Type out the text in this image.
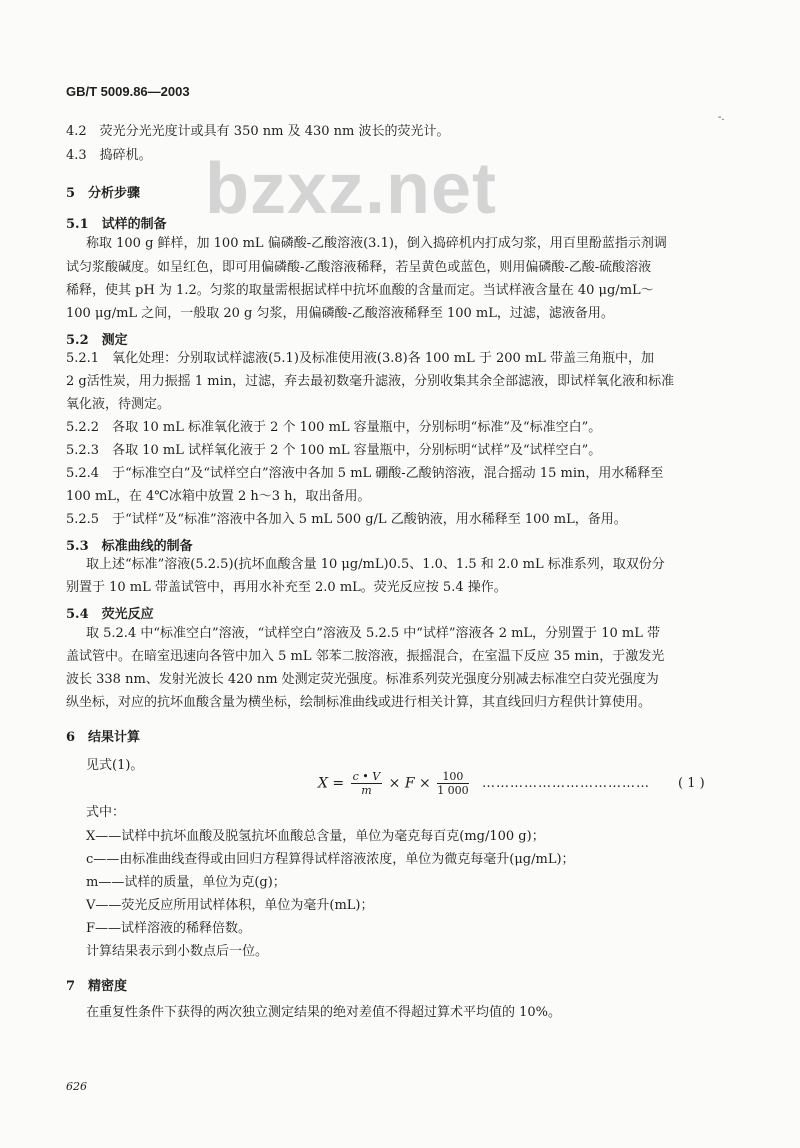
GB/T 5009.86—2003
-.
bzxz.net
4.2　荧光分光光度计或具有 350 nm 及 430 nm 波长的荧光计。
4.3　捣碎机。
5　分析步骤
5.1　试样的制备
称取 100 g 鲜样，加 100 mL 偏磷酸-乙酸溶液(3.1)，倒入捣碎机内打成匀浆，用百里酚蓝指示剂调
试匀浆酸碱度。如呈红色，即可用偏磷酸-乙酸溶液稀释，若呈黄色或蓝色，则用偏磷酸-乙酸-硫酸溶液
稀释，使其 pH 为 1.2。匀浆的取量需根据试样中抗坏血酸的含量而定。当试样液含量在 40 μg/mL～
100 μg/mL 之间，一般取 20 g 匀浆，用偏磷酸-乙酸溶液稀释至 100 mL，过滤，滤液备用。
5.2　测定
5.2.1　氧化处理：分别取试样滤液(5.1)及标准使用液(3.8)各 100 mL 于 200 mL 带盖三角瓶中，加
2 g活性炭，用力振摇 1 min，过滤，弃去最初数毫升滤液，分别收集其余全部滤液，即试样氧化液和标准
氧化液，待测定。
5.2.2　各取 10 mL 标准氧化液于 2 个 100 mL 容量瓶中，分别标明“标准”及“标准空白”。
5.2.3　各取 10 mL 试样氧化液于 2 个 100 mL 容量瓶中，分别标明“试样”及“试样空白”。
5.2.4　于“标准空白”及“试样空白”溶液中各加 5 mL 硼酸-乙酸钠溶液，混合摇动 15 min，用水稀释至
100 mL，在 4℃冰箱中放置 2 h～3 h，取出备用。
5.2.5　于“试样”及“标准”溶液中各加入 5 mL 500 g/L 乙酸钠液，用水稀释至 100 mL，备用。
5.3　标准曲线的制备
取上述“标准”溶液(5.2.5)(抗坏血酸含量 10 μg/mL)0.5、1.0、1.5 和 2.0 mL 标准系列，取双份分
别置于 10 mL 带盖试管中，再用水补充至 2.0 mL。荧光反应按 5.4 操作。
5.4　荧光反应
取 5.2.4 中“标准空白”溶液，“试样空白”溶液及 5.2.5 中“试样”溶液各 2 mL，分别置于 10 mL 带
盖试管中。在暗室迅速向各管中加入 5 mL 邻苯二胺溶液，振摇混合，在室温下反应 35 min，于激发光
波长 338 nm、发射光波长 420 nm 处测定荧光强度。标准系列荧光强度分别减去标准空白荧光强度为
纵坐标，对应的抗坏血酸含量为横坐标，绘制标准曲线或进行相关计算，其直线回归方程供计算使用。
6　结果计算
见式(1)。
$X = \frac{c • V}{m} \times F \times \frac{100}{1 000}$ ……………………………… ( 1 )
式中：
X——试样中抗坏血酸及脱氢抗坏血酸总含量，单位为毫克每百克(mg/100 g)；
c——由标准曲线查得或由回归方程算得试样溶液浓度，单位为微克每毫升(μg/mL)；
m——试样的质量，单位为克(g)；
V——荧光反应所用试样体积，单位为毫升(mL)；
F——试样溶液的稀释倍数。
计算结果表示到小数点后一位。
7　精密度
在重复性条件下获得的两次独立测定结果的绝对差值不得超过算术平均值的 10%。
626
